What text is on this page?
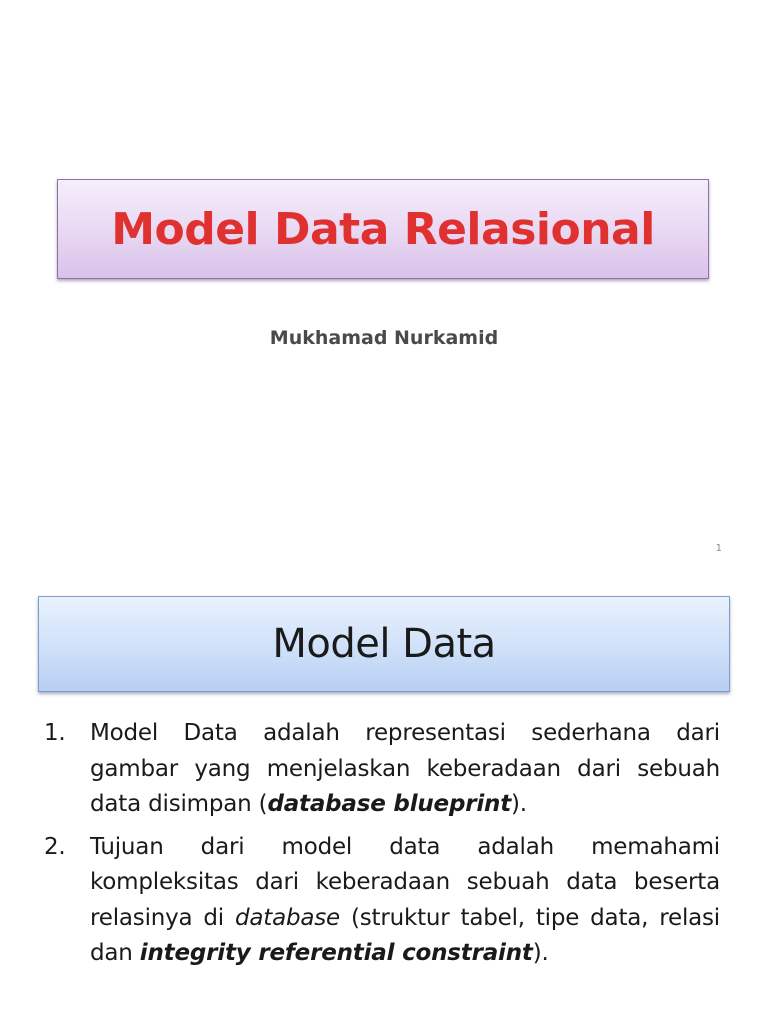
Model Data Relasional
Mukhamad Nurkamid
1
Model Data
1. Model Data adalah representasi sederhana dari gambar yang menjelaskan keberadaan dari sebuah data disimpan (database blueprint).
2. Tujuan dari model data adalah memahami kompleksitas dari keberadaan sebuah data beserta relasinya di database (struktur tabel, tipe data, relasi dan integrity referential constraint).
